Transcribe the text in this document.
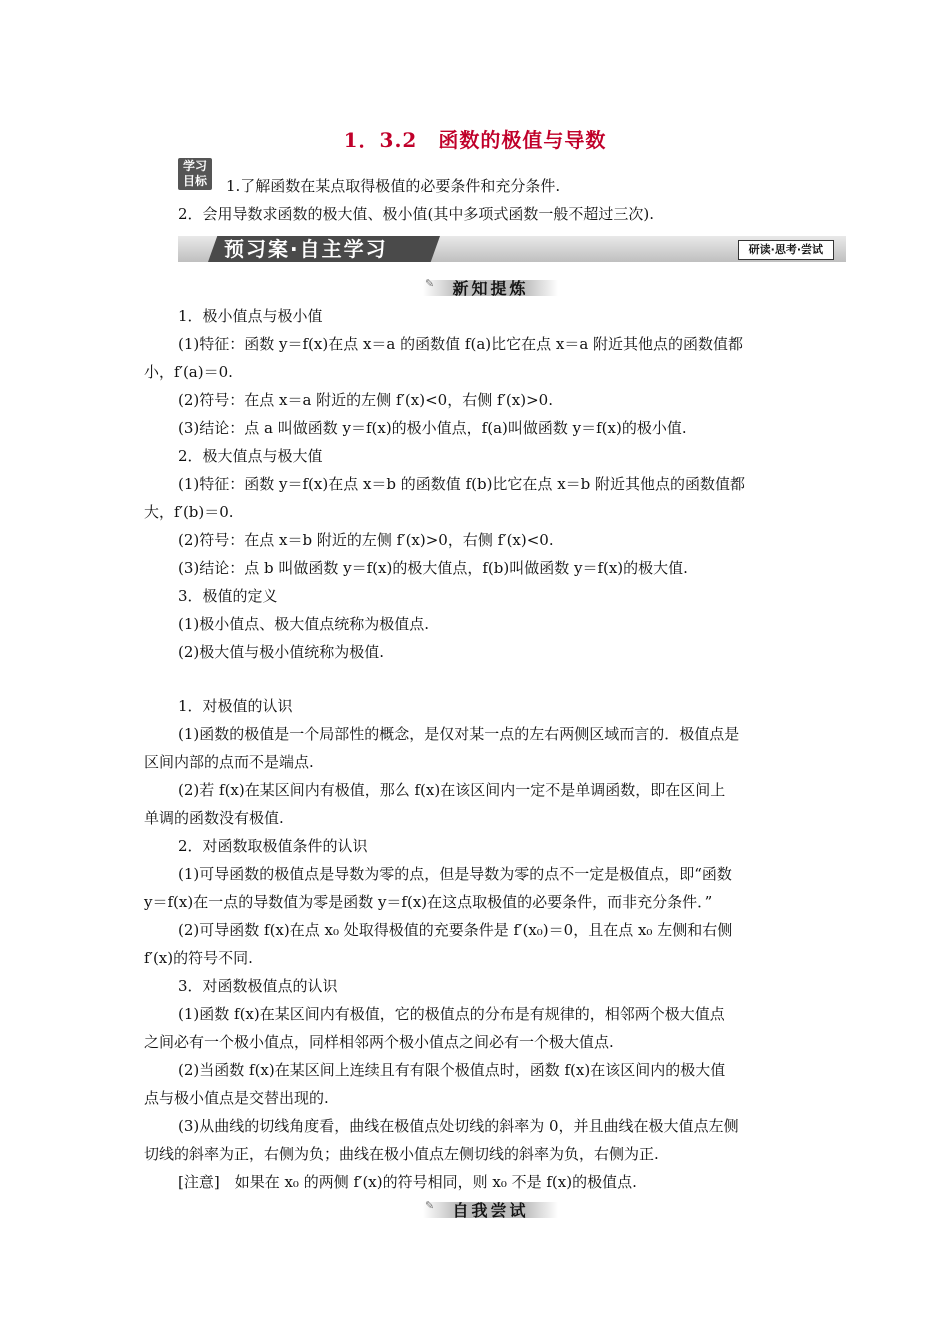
1．3.2　函数的极值与导数
学习
目标	1.了解函数在某点取得极值的必要条件和充分条件.
2．会用导数求函数的极大值、极小值(其中多项式函数一般不超过三次).
预习案·自主学习	研读·思考·尝试
✎	新知提炼
1．极小值点与极小值
(1)特征：函数 y＝f(x)在点 x＝a 的函数值 f(a)比它在点 x＝a 附近其他点的函数值都
小，f′(a)＝0.
(2)符号：在点 x＝a 附近的左侧 f′(x)<0，右侧 f′(x)>0.
(3)结论：点 a 叫做函数 y＝f(x)的极小值点，f(a)叫做函数 y＝f(x)的极小值.
2．极大值点与极大值
(1)特征：函数 y＝f(x)在点 x＝b 的函数值 f(b)比它在点 x＝b 附近其他点的函数值都
大，f′(b)＝0.
(2)符号：在点 x＝b 附近的左侧 f′(x)>0，右侧 f′(x)<0.
(3)结论：点 b 叫做函数 y＝f(x)的极大值点，f(b)叫做函数 y＝f(x)的极大值.
3．极值的定义
(1)极小值点、极大值点统称为极值点.
(2)极大值与极小值统称为极值.
1．对极值的认识
(1)函数的极值是一个局部性的概念，是仅对某一点的左右两侧区域而言的．极值点是
区间内部的点而不是端点.
(2)若 f(x)在某区间内有极值，那么 f(x)在该区间内一定不是单调函数，即在区间上
单调的函数没有极值.
2．对函数取极值条件的认识
(1)可导函数的极值点是导数为零的点，但是导数为零的点不一定是极值点，即“函数
y＝f(x)在一点的导数值为零是函数 y＝f(x)在这点取极值的必要条件，而非充分条件．”
(2)可导函数 f(x)在点 x₀ 处取得极值的充要条件是 f′(x₀)＝0，且在点 x₀ 左侧和右侧
f′(x)的符号不同.
3．对函数极值点的认识
(1)函数 f(x)在某区间内有极值，它的极值点的分布是有规律的，相邻两个极大值点
之间必有一个极小值点，同样相邻两个极小值点之间必有一个极大值点.
(2)当函数 f(x)在某区间上连续且有有限个极值点时，函数 f(x)在该区间内的极大值
点与极小值点是交替出现的.
(3)从曲线的切线角度看，曲线在极值点处切线的斜率为 0，并且曲线在极大值点左侧
切线的斜率为正，右侧为负；曲线在极小值点左侧切线的斜率为负，右侧为正.
[注意]　如果在 x₀ 的两侧 f′(x)的符号相同，则 x₀ 不是 f(x)的极值点.
✎	自我尝试
